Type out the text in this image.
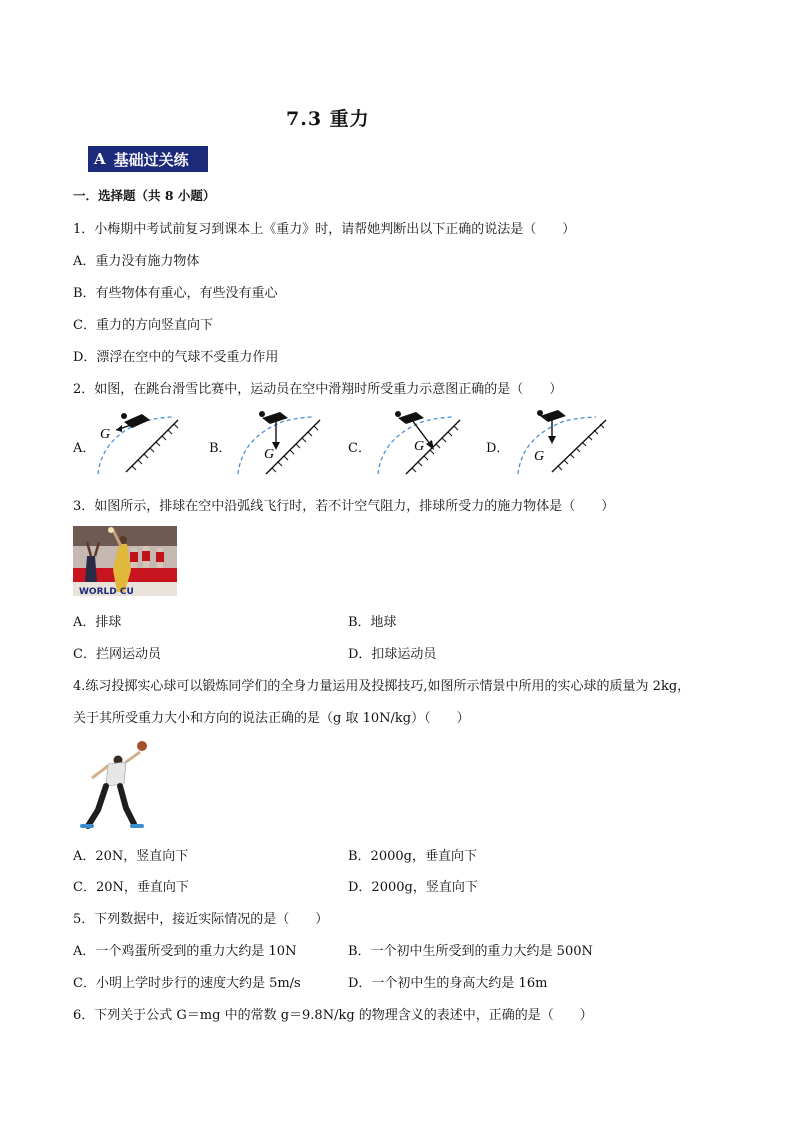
7.3 重力
A 基础过关练
一．选择题（共 8 小题）
1．小梅期中考试前复习到课本上《重力》时，请帮她判断出以下正确的说法是（　　）
A．重力没有施力物体
B．有些物体有重心，有些没有重心
C．重力的方向竖直向下
D．漂浮在空中的气球不受重力作用
2．如图，在跳台滑雪比赛中，运动员在空中滑翔时所受重力示意图正确的是（　　）
A．
G
B． G	C．	G	D．
G
3．如图所示，排球在空中沿弧线飞行时，若不计空气阻力，排球所受力的施力物体是（　　）
WORLD CU
A．排球	B．地球
C．拦网运动员	D．扣球运动员
4.练习投掷实心球可以锻炼同学们的全身力量运用及投掷技巧,如图所示情景中所用的实心球的质量为 2kg，
关于其所受重力大小和方向的说法正确的是（g 取 10N/kg）（　　）
A．20N，竖直向下	B．2000g，垂直向下
C．20N，垂直向下	D．2000g，竖直向下
5．下列数据中，接近实际情况的是（　　）
A．一个鸡蛋所受到的重力大约是 10N	B．一个初中生所受到的重力大约是 500N
C．小明上学时步行的速度大约是 5m/s	D．一个初中生的身高大约是 16m
6．下列关于公式 G＝mg 中的常数 g＝9.8N/kg 的物理含义的表述中，正确的是（　　）
